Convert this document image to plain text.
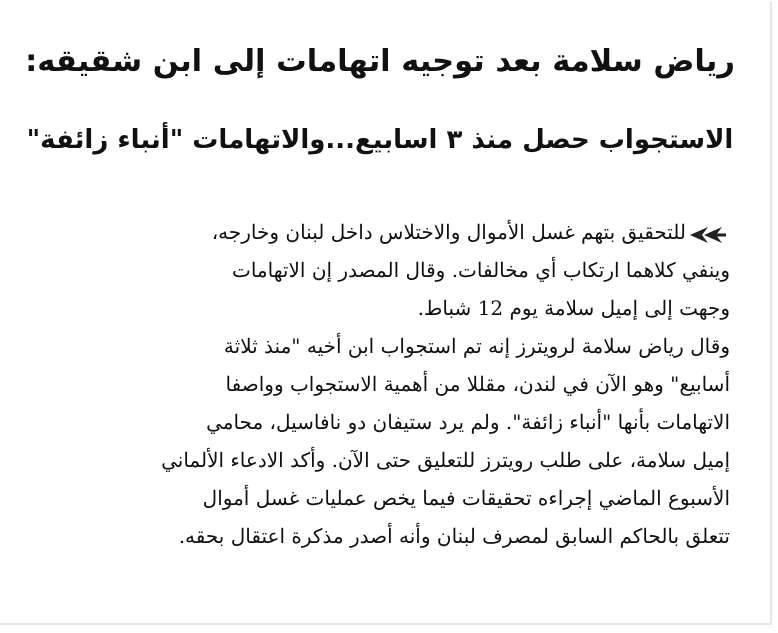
رياض سلامة بعد توجيه اتهامات إلى ابن شقيقه:
الاستجواب حصل منذ ٣ اسابيع...والاتهامات "أنباء زائفة"
للتحقيق بتهم غسل الأموال والاختلاس داخل لبنان وخارجه،
وينفي كلاهما ارتكاب أي مخالفات. وقال المصدر إن الاتهامات
وجهت إلى إميل سلامة يوم 12 شباط.
وقال رياض سلامة لرويترز إنه تم استجواب ابن أخيه "منذ ثلاثة
أسابيع" وهو الآن في لندن، مقللا من أهمية الاستجواب وواصفا
الاتهامات بأنها "أنباء زائفة". ولم يرد ستيفان دو نافاسيل، محامي
إميل سلامة، على طلب رويترز للتعليق حتى الآن. وأكد الادعاء الألماني
الأسبوع الماضي إجراءه تحقيقات فيما يخص عمليات غسل أموال
تتعلق بالحاكم السابق لمصرف لبنان وأنه أصدر مذكرة اعتقال بحقه.
